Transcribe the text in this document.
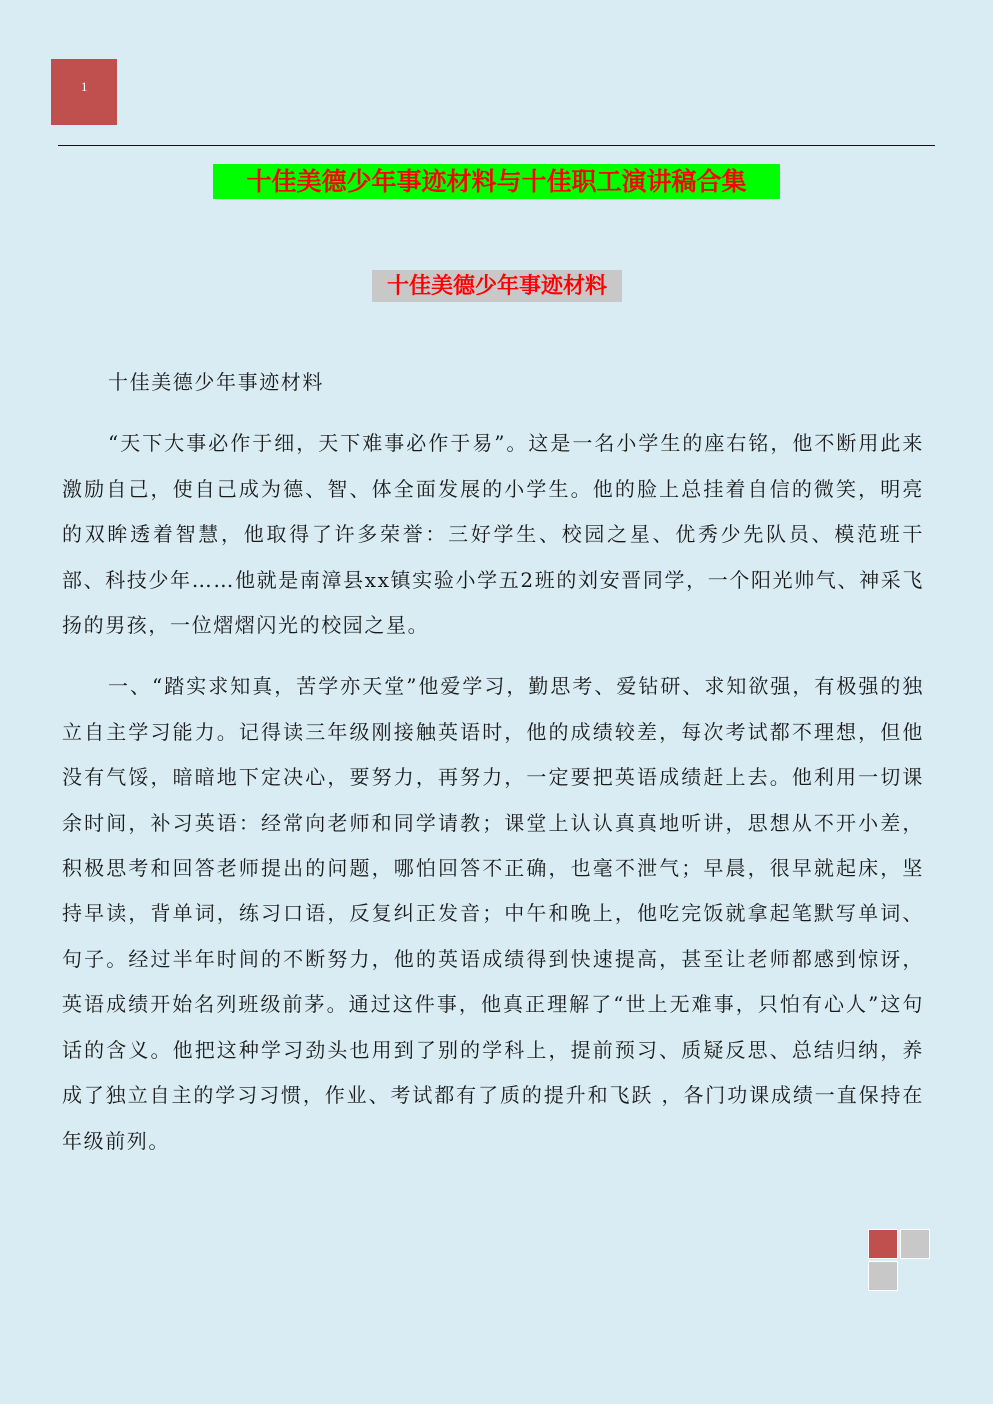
1
十佳美德少年事迹材料与十佳职工演讲稿合集
十佳美德少年事迹材料

十佳美德少年事迹材料

“天下大事必作于细，天下难事必作于易”。这是一名小学生的座右铭，他不断用此来激励自己，使自己成为德、智、体全面发展的小学生。他的脸上总挂着自信的微笑，明亮的双眸透着智慧，他取得了许多荣誉：三好学生、校园之星、优秀少先队员、模范班干部、科技少年……他就是南漳县xx镇实验小学五2班的刘安晋同学，一个阳光帅气、神采飞扬的男孩，一位熠熠闪光的校园之星。

一、“踏实求知真，苦学亦天堂”他爱学习，勤思考、爱钻研、求知欲强，有极强的独立自主学习能力。记得读三年级刚接触英语时，他的成绩较差，每次考试都不理想，但他没有气馁，暗暗地下定决心，要努力，再努力，一定要把英语成绩赶上去。他利用一切课余时间，补习英语：经常向老师和同学请教；课堂上认认真真地听讲，思想从不开小差，积极思考和回答老师提出的问题，哪怕回答不正确，也毫不泄气；早晨，很早就起床，坚持早读，背单词，练习口语，反复纠正发音；中午和晚上，他吃完饭就拿起笔默写单词、句子。经过半年时间的不断努力，他的英语成绩得到快速提高，甚至让老师都感到惊讶，英语成绩开始名列班级前茅。通过这件事，他真正理解了“世上无难事，只怕有心人”这句话的含义。他把这种学习劲头也用到了别的学科上，提前预习、质疑反思、总结归纳，养成了独立自主的学习习惯，作业、考试都有了质的提升和飞跃 ，各门功课成绩一直保持在年级前列。
